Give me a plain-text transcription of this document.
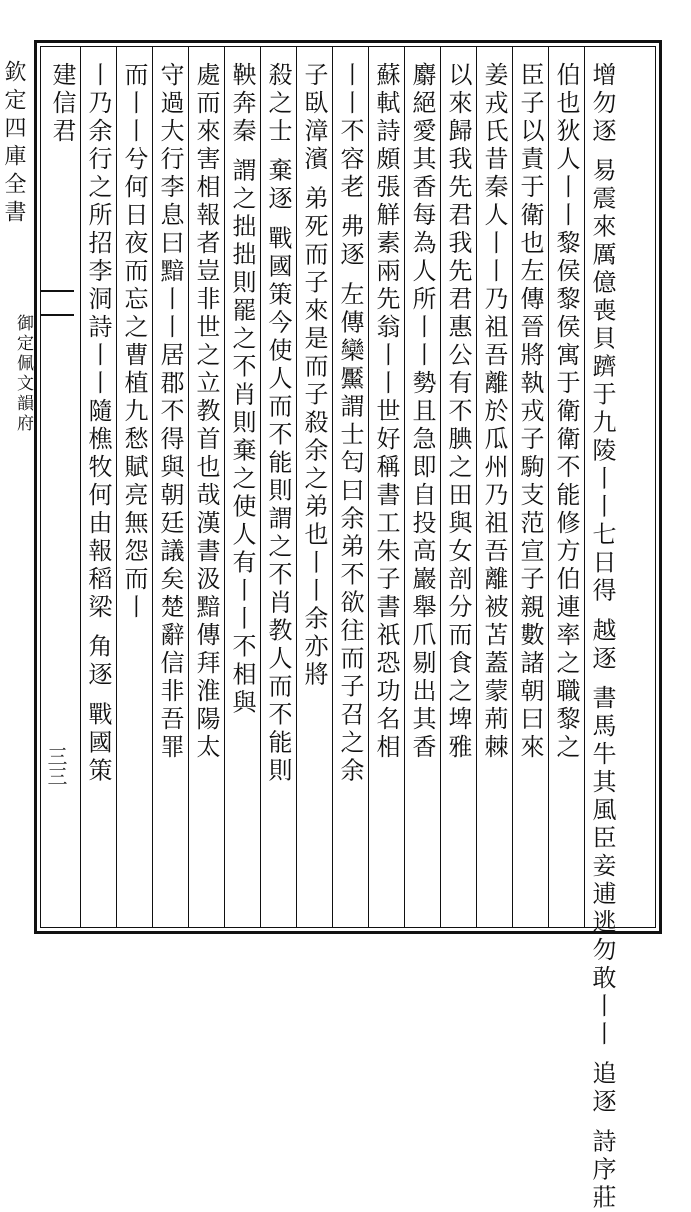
欽定四庫全書
御定佩文韻府
三三	增勿逐 易震來厲億喪貝躋于九陵丨丨七日得 越逐 書馬牛其風臣妾逋逃勿敢丨丨 追逐 詩序莊
伯也狄人丨丨黎侯黎侯寓于衛衛不能修方伯連率之職黎之
臣子以責于衛也左傳晉將執戎子駒支范宣子親數諸朝曰來
姜戎氏昔秦人丨丨乃祖吾離於瓜州乃祖吾離被苫蓋蒙荊棘
以來歸我先君我先君惠公有不腆之田與女剖分而食之埤雅
麝絕愛其香每為人所丨丨勢且急即自投高巖舉爪剔出其香
蘇軾詩頗張觧素兩先翁丨丨世好稱書工朱子書祇恐功名相
丨丨不容老 弗逐 左傳欒黶謂士匄曰余弟不欲往而子召之余
子臥漳濱 弟死而子來是而子殺余之弟也丨丨余亦將
殺之士 棄逐 戰國策今使人而不能則謂之不肖教人而不能則
鞅奔秦 謂之拙拙則罷之不肖則棄之使人有丨丨不相與
處而來害相報者豈非世之立教首也哉漢書汲黯傳拜淮陽太
守過大行李息曰黯丨丨居郡不得與朝廷議矣楚辭信非吾罪
而丨丨兮何日夜而忘之曹植九愁賦亮無怨而丨
丨乃余行之所招李洞詩丨丨隨樵牧何由報稻梁 角逐 戰國策
建信君
